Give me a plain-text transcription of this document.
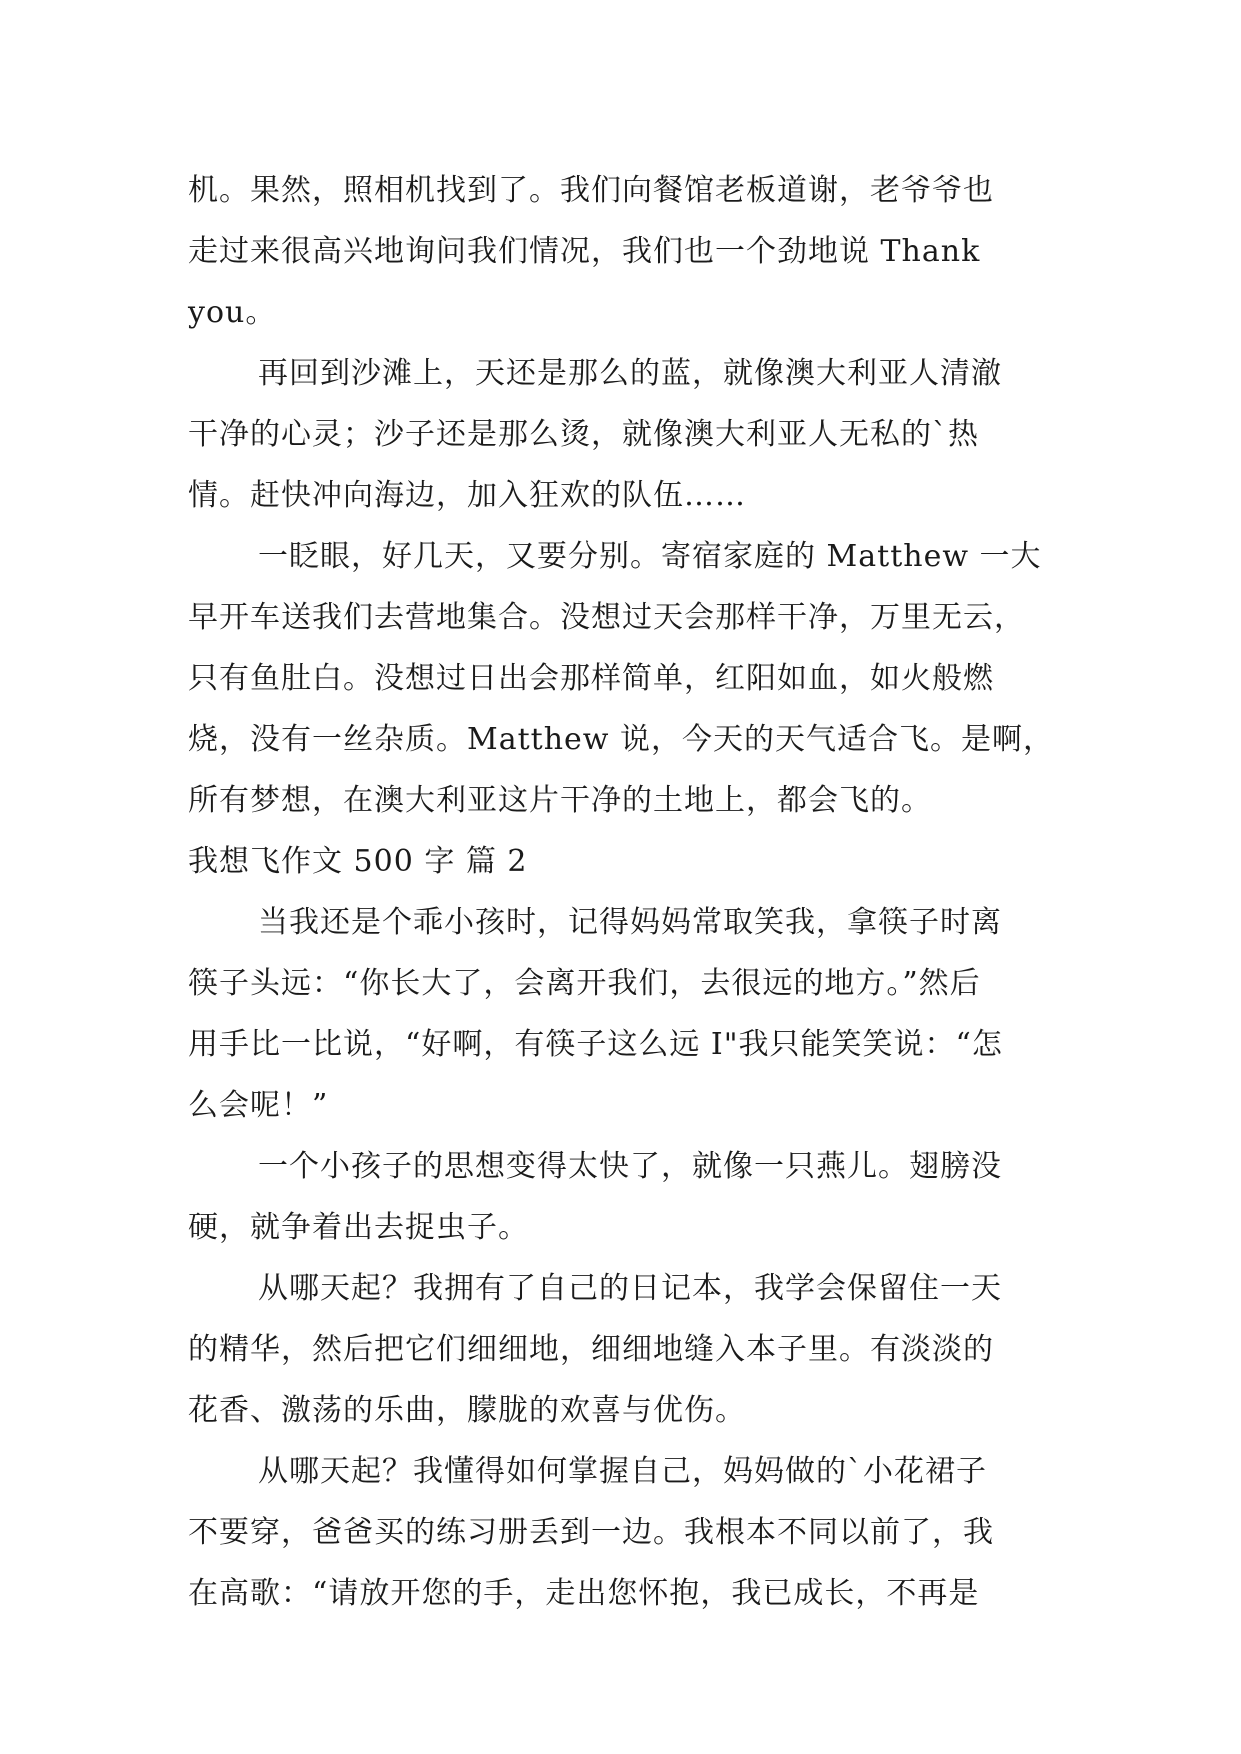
机。果然，照相机找到了。我们向餐馆老板道谢，老爷爷也
走过来很高兴地询问我们情况，我们也一个劲地说 Thank
you。
再回到沙滩上，天还是那么的蓝，就像澳大利亚人清澈
干净的心灵；沙子还是那么烫，就像澳大利亚人无私的`热
情。赶快冲向海边，加入狂欢的队伍……
一眨眼，好几天，又要分别。寄宿家庭的 Matthew 一大
早开车送我们去营地集合。没想过天会那样干净，万里无云，
只有鱼肚白。没想过日出会那样简单，红阳如血，如火般燃
烧，没有一丝杂质。Matthew 说，今天的天气适合飞。是啊，
所有梦想，在澳大利亚这片干净的土地上，都会飞的。
我想飞作文 500 字 篇 2
当我还是个乖小孩时，记得妈妈常取笑我，拿筷子时离
筷子头远：“你长大了，会离开我们，去很远的地方。”然后
用手比一比说，“好啊，有筷子这么远 I"我只能笑笑说：“怎
么会呢！”
一个小孩子的思想变得太快了，就像一只燕儿。翅膀没
硬，就争着出去捉虫子。
从哪天起？我拥有了自己的日记本，我学会保留住一天
的精华，然后把它们细细地，细细地缝入本子里。有淡淡的
花香、激荡的乐曲，朦胧的欢喜与优伤。
从哪天起？我懂得如何掌握自己，妈妈做的`小花裙子
不要穿，爸爸买的练习册丢到一边。我根本不同以前了，我
在高歌：“请放开您的手，走出您怀抱，我已成长，不再是
